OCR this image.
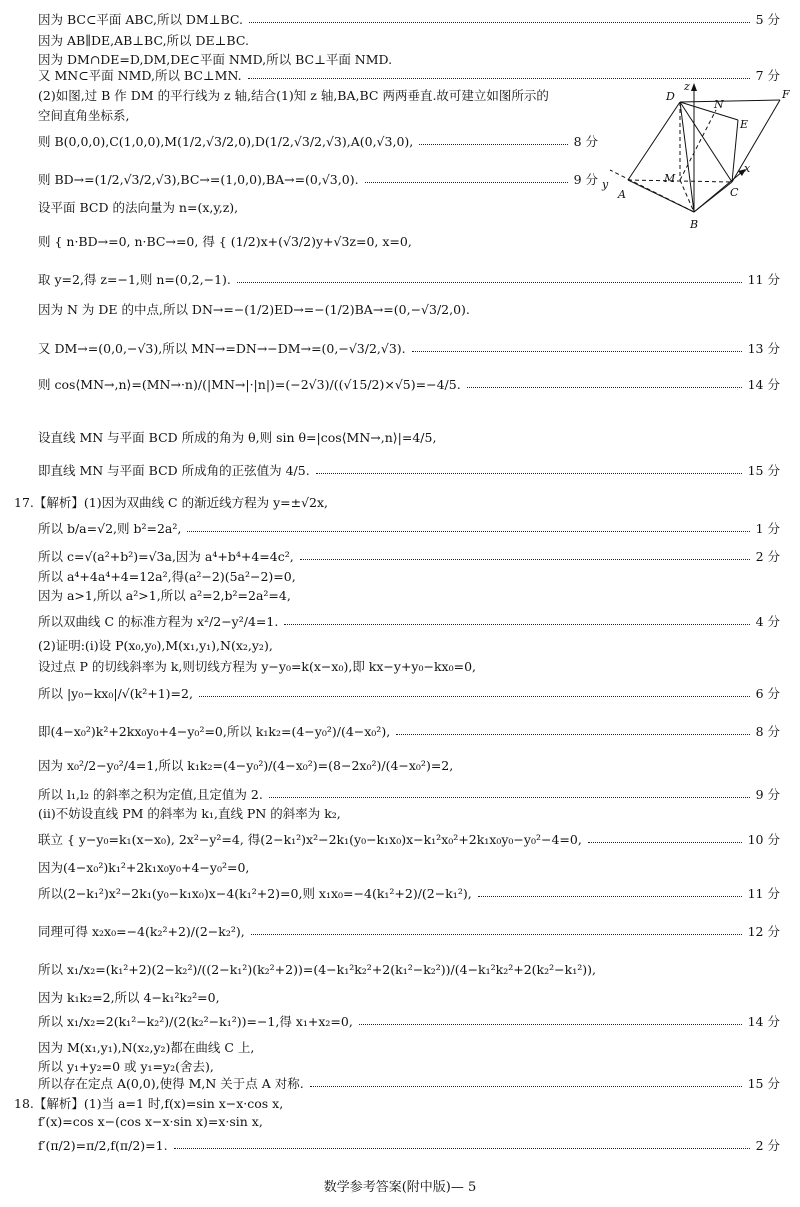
因为 BC⊂平面 ABC,所以 DM⊥BC.	5 分
因为 AB∥DE,AB⊥BC,所以 DE⊥BC.
因为 DM∩DE=D,DM,DE⊂平面 NMD,所以 BC⊥平面 NMD.
又 MN⊂平面 NMD,所以 BC⊥MN.	7 分
(2)如图,过 B 作 DM 的平行线为 z 轴,结合(1)知 z 轴,BA,BC 两两垂直.故可建立如图所示的
空间直角坐标系,
则 B(0,0,0),C(1,0,0),M(1/2,√3/2,0),D(1/2,√3/2,√3),A(0,√3,0),	8 分
则 BD→=(1/2,√3/2,√3),BC→=(1,0,0),BA→=(0,√3,0).	9 分
设平面 BCD 的法向量为 n=(x,y,z),
则 { n·BD→=0, n·BC→=0, 得 { (1/2)x+(√3/2)y+√3z=0, x=0,
取 y=2,得 z=−1,则 n=(0,2,−1).	11 分
因为 N 为 DE 的中点,所以 DN→=−(1/2)ED→=−(1/2)BA→=(0,−√3/2,0).
又 DM→=(0,0,−√3),所以 MN→=DN→−DM→=(0,−√3/2,√3).	13 分
则 cos⟨MN→,n⟩=(MN→·n)/(|MN→|·|n|)=(−2√3)/((√15/2)×√5)=−4/5.	14 分
设直线 MN 与平面 BCD 所成的角为 θ,则 sin θ=|cos⟨MN→,n⟩|=4/5,
即直线 MN 与平面 BCD 所成角的正弦值为 4/5.	15 分
17.【解析】(1)因为双曲线 C 的渐近线方程为 y=±√2x,
所以 b/a=√2,则 b²=2a²,	1 分
所以 c=√(a²+b²)=√3a,因为 a⁴+b⁴+4=4c²,	2 分
所以 a⁴+4a⁴+4=12a²,得(a²−2)(5a²−2)=0,
因为 a>1,所以 a²>1,所以 a²=2,b²=2a²=4,
所以双曲线 C 的标准方程为 x²/2−y²/4=1.	4 分
(2)证明:(ⅰ)设 P(x₀,y₀),M(x₁,y₁),N(x₂,y₂),
设过点 P 的切线斜率为 k,则切线方程为 y−y₀=k(x−x₀),即 kx−y+y₀−kx₀=0,
所以 |y₀−kx₀|/√(k²+1)=2,	6 分
即(4−x₀²)k²+2kx₀y₀+4−y₀²=0,所以 k₁k₂=(4−y₀²)/(4−x₀²),	8 分
因为 x₀²/2−y₀²/4=1,所以 k₁k₂=(4−y₀²)/(4−x₀²)=(8−2x₀²)/(4−x₀²)=2,
所以 l₁,l₂ 的斜率之积为定值,且定值为 2.	9 分
(ⅱ)不妨设直线 PM 的斜率为 k₁,直线 PN 的斜率为 k₂,
联立 { y−y₀=k₁(x−x₀), 2x²−y²=4, 得(2−k₁²)x²−2k₁(y₀−k₁x₀)x−k₁²x₀²+2k₁x₀y₀−y₀²−4=0,	10 分
因为(4−x₀²)k₁²+2k₁x₀y₀+4−y₀²=0,
所以(2−k₁²)x²−2k₁(y₀−k₁x₀)x−4(k₁²+2)=0,则 x₁x₀=−4(k₁²+2)/(2−k₁²),	11 分
同理可得 x₂x₀=−4(k₂²+2)/(2−k₂²),	12 分
所以 x₁/x₂=(k₁²+2)(2−k₂²)/((2−k₁²)(k₂²+2))=(4−k₁²k₂²+2(k₁²−k₂²))/(4−k₁²k₂²+2(k₂²−k₁²)),
因为 k₁k₂=2,所以 4−k₁²k₂²=0,
所以 x₁/x₂=2(k₁²−k₂²)/(2(k₂²−k₁²))=−1,得 x₁+x₂=0,	14 分
因为 M(x₁,y₁),N(x₂,y₂)都在曲线 C 上,
所以 y₁+y₂=0 或 y₁=y₂(舍去),
所以存在定点 A(0,0),使得 M,N 关于点 A 对称.	15 分
18.【解析】(1)当 a=1 时,f(x)=sin x−x·cos x,
f′(x)=cos x−(cos x−x·sin x)=x·sin x,
f′(π/2)=π/2,f(π/2)=1.	2 分
D
z
F
N
E
M
x
y
A	C
B
数学参考答案(附中版)— 5
